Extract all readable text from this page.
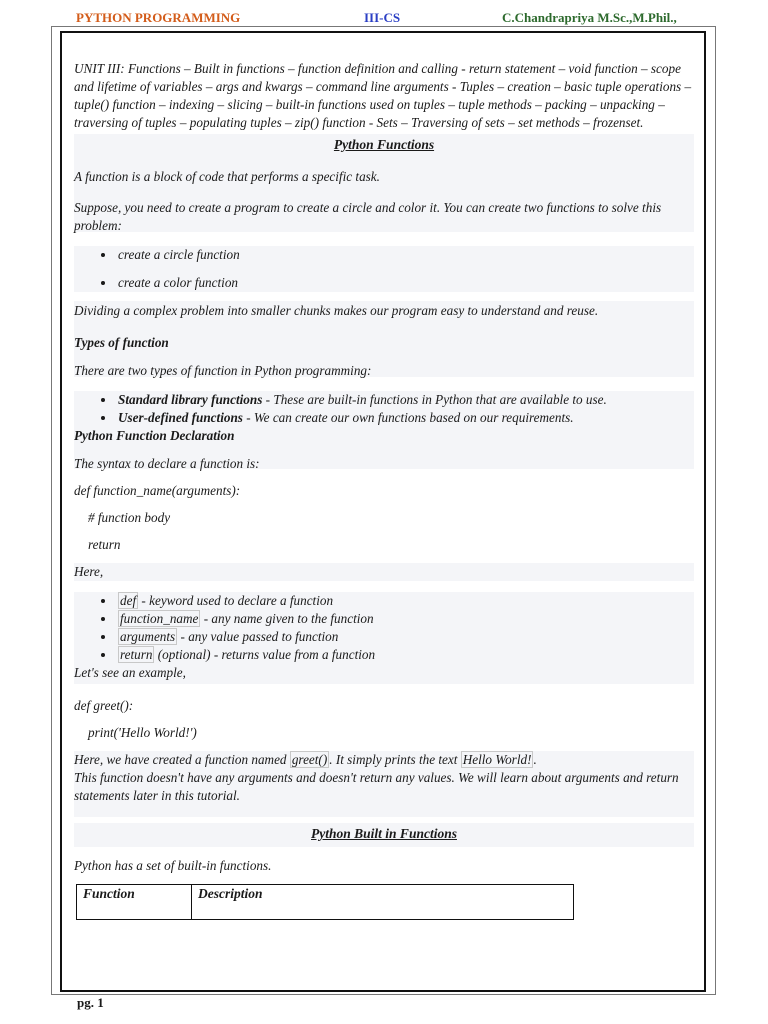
PYTHON PROGRAMMING	III-CS	C.Chandrapriya M.Sc.,M.Phil.,

UNIT III: Functions – Built in functions – function definition and calling - return statement – void function – scope and lifetime of variables – args and kwargs – command line arguments - Tuples – creation – basic tuple operations – tuple() function – indexing – slicing – built-in functions used on tuples – tuple methods – packing – unpacking – traversing of tuples – populating tuples – zip() function - Sets – Traversing of sets – set methods – frozenset.

Python Functions

A function is a block of code that performs a specific task.

Suppose, you need to create a program to create a circle and color it. You can create two functions to solve this problem:

• create a circle function
• create a color function

Dividing a complex problem into smaller chunks makes our program easy to understand and reuse.

Types of function

There are two types of function in Python programming:

• Standard library functions - These are built-in functions in Python that are available to use.
• User-defined functions - We can create our own functions based on our requirements.

Python Function Declaration

The syntax to declare a function is:

def function_name(arguments):

# function body

return

Here,

• def - keyword used to declare a function
• function_name - any name given to the function
• arguments - any value passed to function
• return (optional) - returns value from a function

Let's see an example,

def greet():

print('Hello World!')

Here, we have created a function named greet() . It simply prints the text Hello World! .

This function doesn't have any arguments and doesn't return any values. We will learn about arguments and return statements later in this tutorial.

Python Built in Functions

Python has a set of built-in functions.

Function	Description
pg. 1
